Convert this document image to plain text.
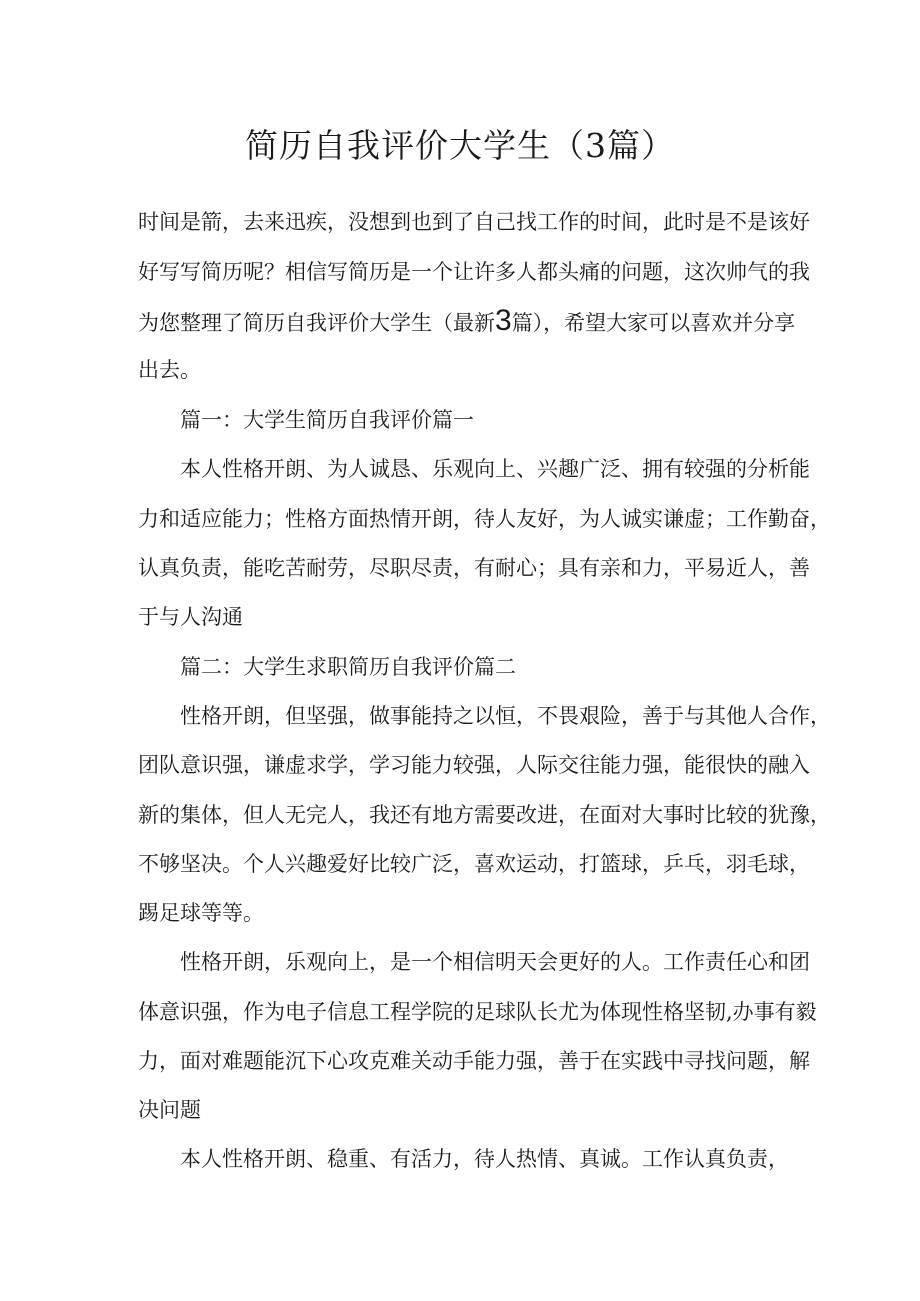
简历自我评价大学生（3篇）
时间是箭，去来迅疾，没想到也到了自己找工作的时间，此时是不是该好
好写写简历呢？相信写简历是一个让许多人都头痛的问题，这次帅气的我
为您整理了简历自我评价大学生（最新3篇），希望大家可以喜欢并分享
出去。
篇一：大学生简历自我评价篇一
本人性格开朗、为人诚恳、乐观向上、兴趣广泛、拥有较强的分析能
力和适应能力；性格方面热情开朗，待人友好，为人诚实谦虚；工作勤奋，
认真负责，能吃苦耐劳，尽职尽责，有耐心；具有亲和力，平易近人，善
于与人沟通
篇二：大学生求职简历自我评价篇二
性格开朗，但坚强，做事能持之以恒，不畏艰险，善于与其他人合作，
团队意识强，谦虚求学，学习能力较强，人际交往能力强，能很快的融入
新的集体，但人无完人，我还有地方需要改进，在面对大事时比较的犹豫，
不够坚决。个人兴趣爱好比较广泛，喜欢运动，打篮球，乒乓，羽毛球，
踢足球等等。
性格开朗，乐观向上，是一个相信明天会更好的人。工作责任心和团
体意识强，作为电子信息工程学院的足球队长尤为体现性格坚韧,办事有毅
力，面对难题能沉下心攻克难关动手能力强，善于在实践中寻找问题，解
决问题
本人性格开朗、稳重、有活力，待人热情、真诚。工作认真负责，
